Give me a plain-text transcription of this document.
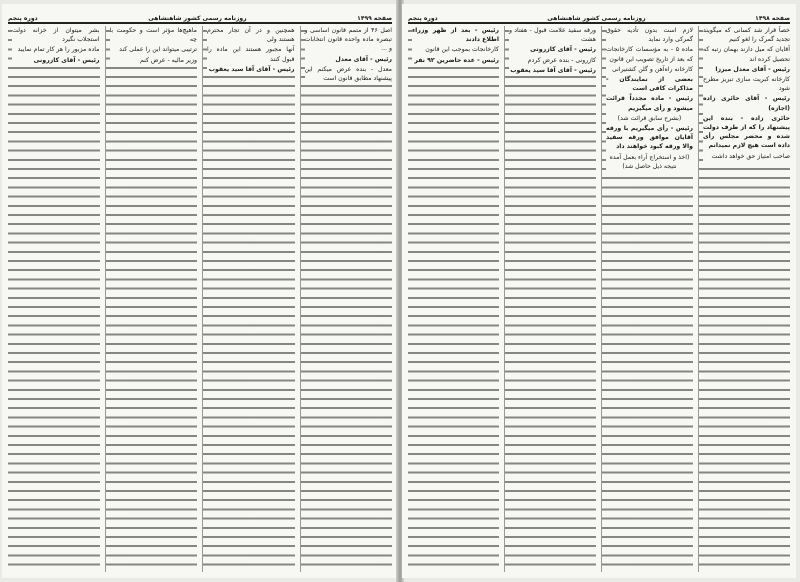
صفحه ۱۴۹۹
روزنامه رسمی کشور شاهنشاهی
دوره پنجم

اصل ۴۶ از متمم قانون اساسی و تبصره ماده واحده قانون انتخابات و ...

رئیس - آقای معدل

معدل - بنده عرض میکنم این پیشنهاد مطابق قانون است

همچنین و در آن تجار محترم هستند ولی

آنها مجبور هستند این ماده را قبول کنند

رئیس - آقای آقا سید یعقوب

ماهیچ‌ها مؤثر است و حکومت با چه

ترتیبی میتواند این را عملی کند

وزیر مالیه - عرض کنم

بشر میتوان از خزانه دولت استجلاب نگیرد

ماده مزبور را هر کار تمام نمایید

رئیس - آقای کازرونی

صفحه ۱۴۹۸
روزنامه رسمی کشور شاهنشاهی
دوره پنجم

خصاً قرار شد کسانی که میگویند تجدید گمرک را لغو کنیم

آقایان که میل دارند بهمان رتبه که تحصیل کرده اند

رئیس - آقای معدل میرزا

کارخانه کبریت سازی تبریز مطرح شود

رئیس - آقای حائری زاده (اجازه)

حائری زاده - بنده این پیشنهاد را که از طرف دولت شده و محضر مجلس رأی داده است هیچ لازم نمیدانم

صاحب امتیاز حق خواهد داشت

لازم است بدون تأدیه حقوق گمرکی وارد نماید

ماده ۵ - به مؤسسات کارخانجات که بعد از تاریخ تصویب این قانون

کارخانه راه‌آهن و گلن کشتیرانی

بعضی از نمایندگان - مذاکرات کافی است

رئیس - ماده مجدداً قرائت میشود و رأی میگیریم

(بشرح سابق قرائت شد)

رئیس - رأی میگیریم با ورقه آقایان موافق ورقه سفید والا ورقه کبود خواهند داد

(اخذ و استخراج آراء بعمل آمده نتیجه ذیل حاصل شد)

ورقه سفید علامت قبول - هفتاد و هشت

رئیس - آقای کازرونی

کازرونی - بنده عرض کردم

رئیس - آقای آقا سید یعقوب

رئیس - بعد از ظهر وزراء اطلاع دادند

کارخانجات بموجب این قانون

رئیس - عده حاضرین ۹۲ نفر
